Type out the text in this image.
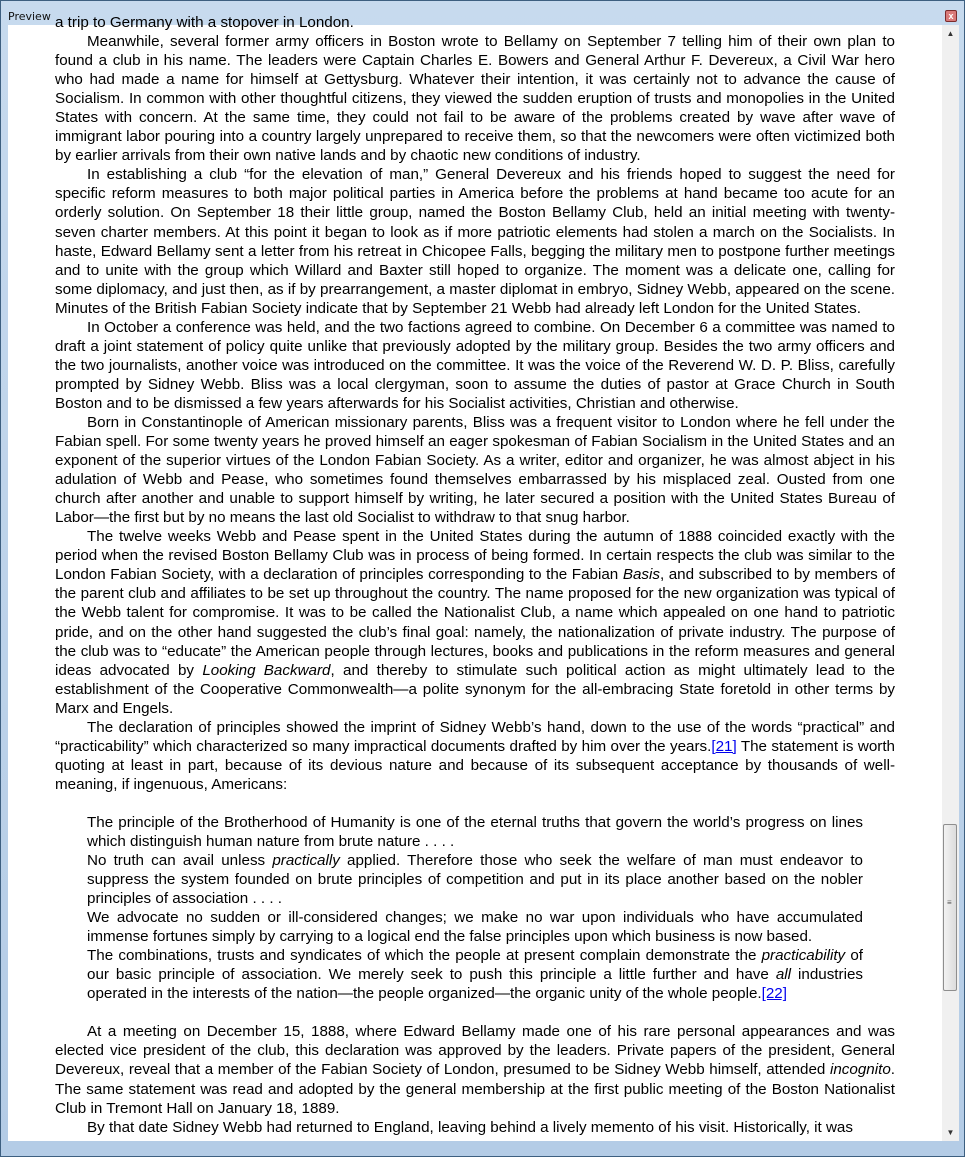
Preview	x

a trip to Germany with a stopover in London.

Meanwhile, several former army officers in Boston wrote to Bellamy on September 7 telling him of their own plan to found a club in his name. The leaders were Captain Charles E. Bowers and General Arthur F. Devereux, a Civil War hero who had made a name for himself at Gettysburg. Whatever their intention, it was certainly not to advance the cause of Socialism. In common with other thoughtful citizens, they viewed the sudden eruption of trusts and monopolies in the United States with concern. At the same time, they could not fail to be aware of the problems created by wave after wave of immigrant labor pouring into a country largely unprepared to receive them, so that the newcomers were often victimized both by earlier arrivals from their own native lands and by chaotic new conditions of industry.

In establishing a club “for the elevation of man,” General Devereux and his friends hoped to suggest the need for specific reform measures to both major political parties in America before the problems at hand became too acute for an orderly solution. On September 18 their little group, named the Boston Bellamy Club, held an initial meeting with twenty-seven charter members. At this point it began to look as if more patriotic elements had stolen a march on the Socialists. In haste, Edward Bellamy sent a letter from his retreat in Chicopee Falls, begging the military men to postpone further meetings and to unite with the group which Willard and Baxter still hoped to organize. The moment was a delicate one, calling for some diplomacy, and just then, as if by prearrangement, a master diplomat in embryo, Sidney Webb, appeared on the scene. Minutes of the British Fabian Society indicate that by September 21 Webb had already left London for the United States.

In October a conference was held, and the two factions agreed to combine. On December 6 a committee was named to draft a joint statement of policy quite unlike that previously adopted by the military group. Besides the two army officers and the two journalists, another voice was introduced on the committee. It was the voice of the Reverend W. D. P. Bliss, carefully prompted by Sidney Webb. Bliss was a local clergyman, soon to assume the duties of pastor at Grace Church in South Boston and to be dismissed a few years afterwards for his Socialist activities, Christian and otherwise.

Born in Constantinople of American missionary parents, Bliss was a frequent visitor to London where he fell under the Fabian spell. For some twenty years he proved himself an eager spokesman of Fabian Socialism in the United States and an exponent of the superior virtues of the London Fabian Society. As a writer, editor and organizer, he was almost abject in his adulation of Webb and Pease, who sometimes found themselves embarrassed by his misplaced zeal. Ousted from one church after another and unable to support himself by writing, he later secured a position with the United States Bureau of Labor—the first but by no means the last old Socialist to withdraw to that snug harbor.

The twelve weeks Webb and Pease spent in the United States during the autumn of 1888 coincided exactly with the period when the revised Boston Bellamy Club was in process of being formed. In certain respects the club was similar to the London Fabian Society, with a declaration of principles corresponding to the Fabian Basis, and subscribed to by members of the parent club and affiliates to be set up throughout the country. The name proposed for the new organization was typical of the Webb talent for compromise. It was to be called the Nationalist Club, a name which appealed on one hand to patriotic pride, and on the other hand suggested the club’s final goal: namely, the nationalization of private industry. The purpose of the club was to “educate” the American people through lectures, books and publications in the reform measures and general ideas advocated by Looking Backward, and thereby to stimulate such political action as might ultimately lead to the establishment of the Cooperative Commonwealth—a polite synonym for the all-embracing State foretold in other terms by Marx and Engels.

The declaration of principles showed the imprint of Sidney Webb’s hand, down to the use of the words “practical” and “practicability” which characterized so many impractical documents drafted by him over the years.[21] The statement is worth quoting at least in part, because of its devious nature and because of its subsequent acceptance by thousands of well-meaning, if ingenuous, Americans:

The principle of the Brotherhood of Humanity is one of the eternal truths that govern the world’s progress on lines which distinguish human nature from brute nature . . . .

No truth can avail unless practically applied. Therefore those who seek the welfare of man must endeavor to suppress the system founded on brute principles of competition and put in its place another based on the nobler principles of association . . . .

We advocate no sudden or ill-considered changes; we make no war upon individuals who have accumulated immense fortunes simply by carrying to a logical end the false principles upon which business is now based.

The combinations, trusts and syndicates of which the people at present complain demonstrate the practicability of our basic principle of association. We merely seek to push this principle a little further and have all industries operated in the interests of the nation—the people organized—the organic unity of the whole people.[22]

At a meeting on December 15, 1888, where Edward Bellamy made one of his rare personal appearances and was elected vice president of the club, this declaration was approved by the leaders. Private papers of the president, General Devereux, reveal that a member of the Fabian Society of London, presumed to be Sidney Webb himself, attended incognito. The same statement was read and adopted by the general membership at the first public meeting of the Boston Nationalist Club in Tremont Hall on January 18, 1889.

By that date Sidney Webb had returned to England, leaving behind a lively memento of his visit. Historically, it was

▲
≡
▼
